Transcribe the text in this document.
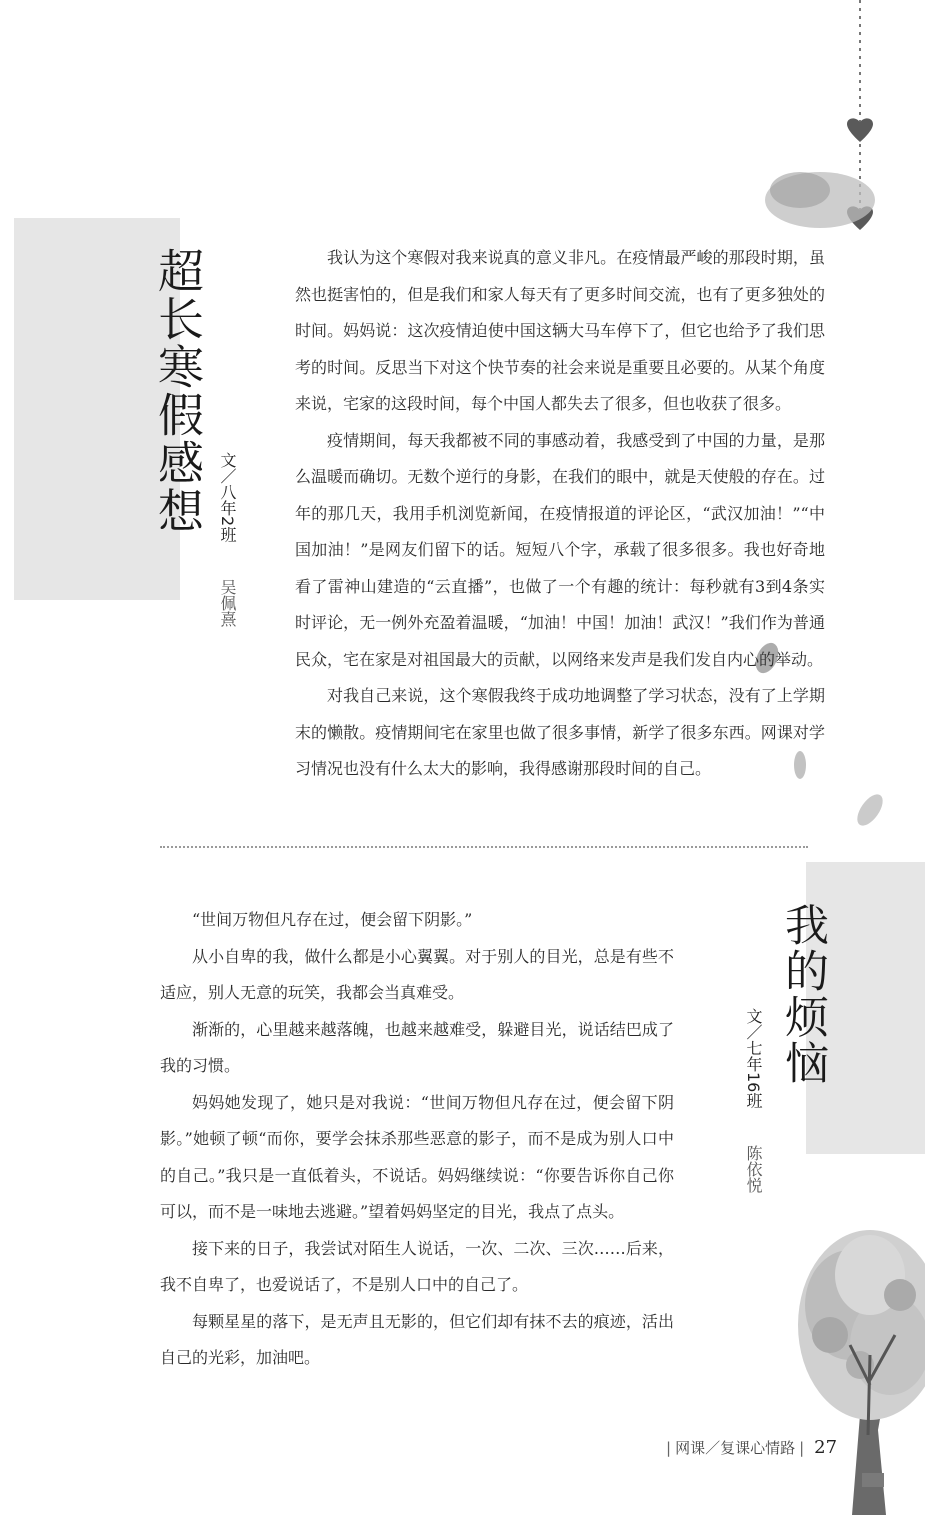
超长寒假感想 文／八年2班
吴佩熹

我认为这个寒假对我来说真的意义非凡。在疫情最严峻的那段时期，虽然也挺害怕的，但是我们和家人每天有了更多时间交流，也有了更多独处的时间。妈妈说：这次疫情迫使中国这辆大马车停下了，但它也给予了我们思考的时间。反思当下对这个快节奏的社会来说是重要且必要的。从某个角度来说，宅家的这段时间，每个中国人都失去了很多，但也收获了很多。

疫情期间，每天我都被不同的事感动着，我感受到了中国的力量，是那么温暖而确切。无数个逆行的身影，在我们的眼中，就是天使般的存在。过年的那几天，我用手机浏览新闻，在疫情报道的评论区，“武汉加油！”“中国加油！”是网友们留下的话。短短八个字，承载了很多很多。我也好奇地看了雷神山建造的“云直播”，也做了一个有趣的统计：每秒就有3到4条实时评论，无一例外充盈着温暖，“加油！中国！加油！武汉！”我们作为普通民众，宅在家是对祖国最大的贡献，以网络来发声是我们发自内心的举动。

对我自己来说，这个寒假我终于成功地调整了学习状态，没有了上学期末的懒散。疫情期间宅在家里也做了很多事情，新学了很多东西。网课对学习情况也没有什么太大的影响，我得感谢那段时间的自己。

我的烦恼
文／七年16班
陈依悦

“世间万物但凡存在过，便会留下阴影。”

从小自卑的我，做什么都是小心翼翼。对于别人的目光，总是有些不适应，别人无意的玩笑，我都会当真难受。

渐渐的，心里越来越落魄，也越来越难受，躲避目光，说话结巴成了我的习惯。

妈妈她发现了，她只是对我说：“世间万物但凡存在过，便会留下阴影。”她顿了顿“而你，要学会抹杀那些恶意的影子，而不是成为别人口中的自己。”我只是一直低着头，不说话。妈妈继续说：“你要告诉你自己你可以，而不是一味地去逃避。”望着妈妈坚定的目光，我点了点头。

接下来的日子，我尝试对陌生人说话，一次、二次、三次……后来，我不自卑了，也爱说话了，不是别人口中的自己了。

每颗星星的落下，是无声且无影的，但它们却有抹不去的痕迹，活出自己的光彩，加油吧。

| 网课／复课心情路 | 27
